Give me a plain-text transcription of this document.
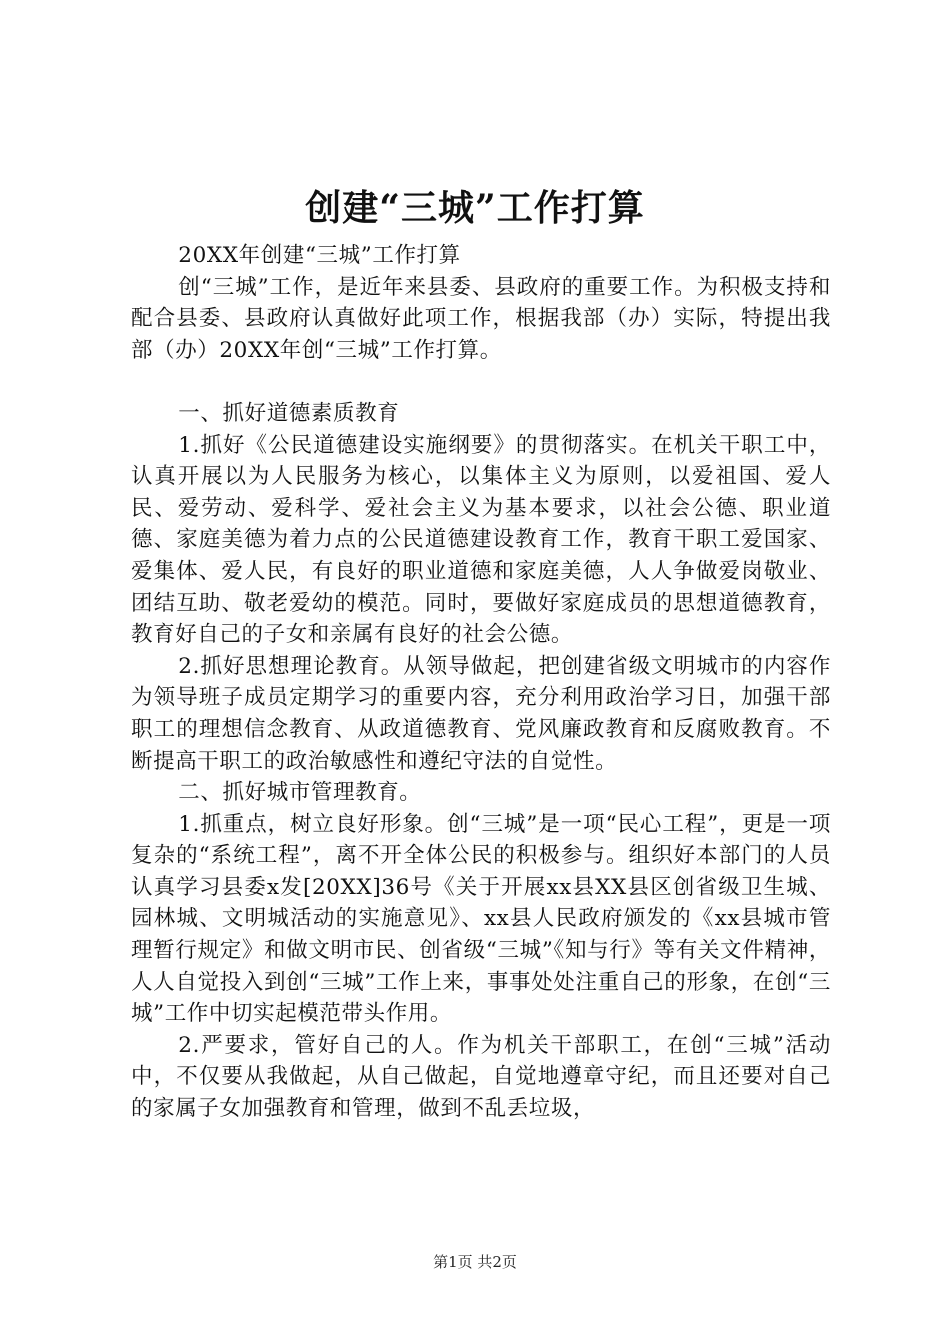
创建“三城”工作打算

20XX年创建“三城”工作打算

创“三城”工作，是近年来县委、县政府的重要工作。为积极支持和配合县委、县政府认真做好此项工作，根据我部（办）实际，特提出我部（办）20XX年创“三城”工作打算。

一、抓好道德素质教育

1.抓好《公民道德建设实施纲要》的贯彻落实。在机关干职工中，认真开展以为人民服务为核心，以集体主义为原则，以爱祖国、爱人民、爱劳动、爱科学、爱社会主义为基本要求，以社会公德、职业道德、家庭美德为着力点的公民道德建设教育工作，教育干职工爱国家、爱集体、爱人民，有良好的职业道德和家庭美德，人人争做爱岗敬业、团结互助、敬老爱幼的模范。同时，要做好家庭成员的思想道德教育，教育好自己的子女和亲属有良好的社会公德。

2.抓好思想理论教育。从领导做起，把创建省级文明城市的内容作为领导班子成员定期学习的重要内容，充分利用政治学习日，加强干部职工的理想信念教育、从政道德教育、党风廉政教育和反腐败教育。不断提高干职工的政治敏感性和遵纪守法的自觉性。

二、抓好城市管理教育。

1.抓重点，树立良好形象。创“三城”是一项“民心工程”，更是一项复杂的“系统工程”，离不开全体公民的积极参与。组织好本部门的人员认真学习县委x发[20XX]36号《关于开展xx县XX县区创省级卫生城、园林城、文明城活动的实施意见》、xx县人民政府颁发的《xx县城市管理暂行规定》和做文明市民、创省级“三城”《知与行》等有关文件精神，人人自觉投入到创“三城”工作上来，事事处处注重自己的形象，在创“三城”工作中切实起模范带头作用。

2.严要求，管好自己的人。作为机关干部职工，在创“三城”活动中，不仅要从我做起，从自己做起，自觉地遵章守纪，而且还要对自己的家属子女加强教育和管理，做到不乱丢垃圾，

第1页 共2页
